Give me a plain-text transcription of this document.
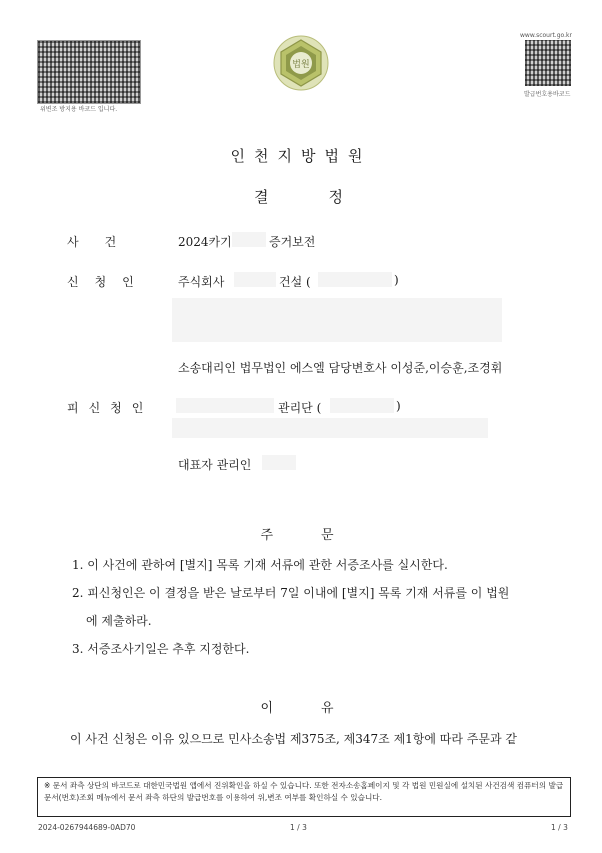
위변조 방지용 바코드 입니다.
www.scourt.go.kr
발급번호용바코드
법원
인천지방법원
결정
사건	2024카기	증거보전
신청인 주식회사	건설 (	)
소송대리인 법무법인 에스엘 담당변호사 이성준,이승훈,조경휘
피신청인	관리단 (	)
대표자 관리인
주문
1. 이 사건에 관하여 [별지] 목록 기재 서류에 관한 서증조사를 실시한다.
2. 피신청인은 이 결정을 받은 날로부터 7일 이내에 [별지] 목록 기재 서류를 이 법원
에 제출하라.
3. 서증조사기일은 추후 지정한다.
이유
이 사건 신청은 이유 있으므로 민사소송법 제375조, 제347조 제1항에 따라 주문과 같
※ 문서 좌측 상단의 바코드로 대한민국법원 앱에서 진위확인을 하실 수 있습니다. 또한 전자소송홈페이지 및 각 법원 민원실에 설치된 사건검색 컴퓨터의 발급문서(번호)조회 메뉴에서 문서 좌측 하단의 발급번호를 이용하여 위,변조 여부를 확인하실 수 있습니다.
2024-0267944689-0AD70	1 / 3	1 / 3
